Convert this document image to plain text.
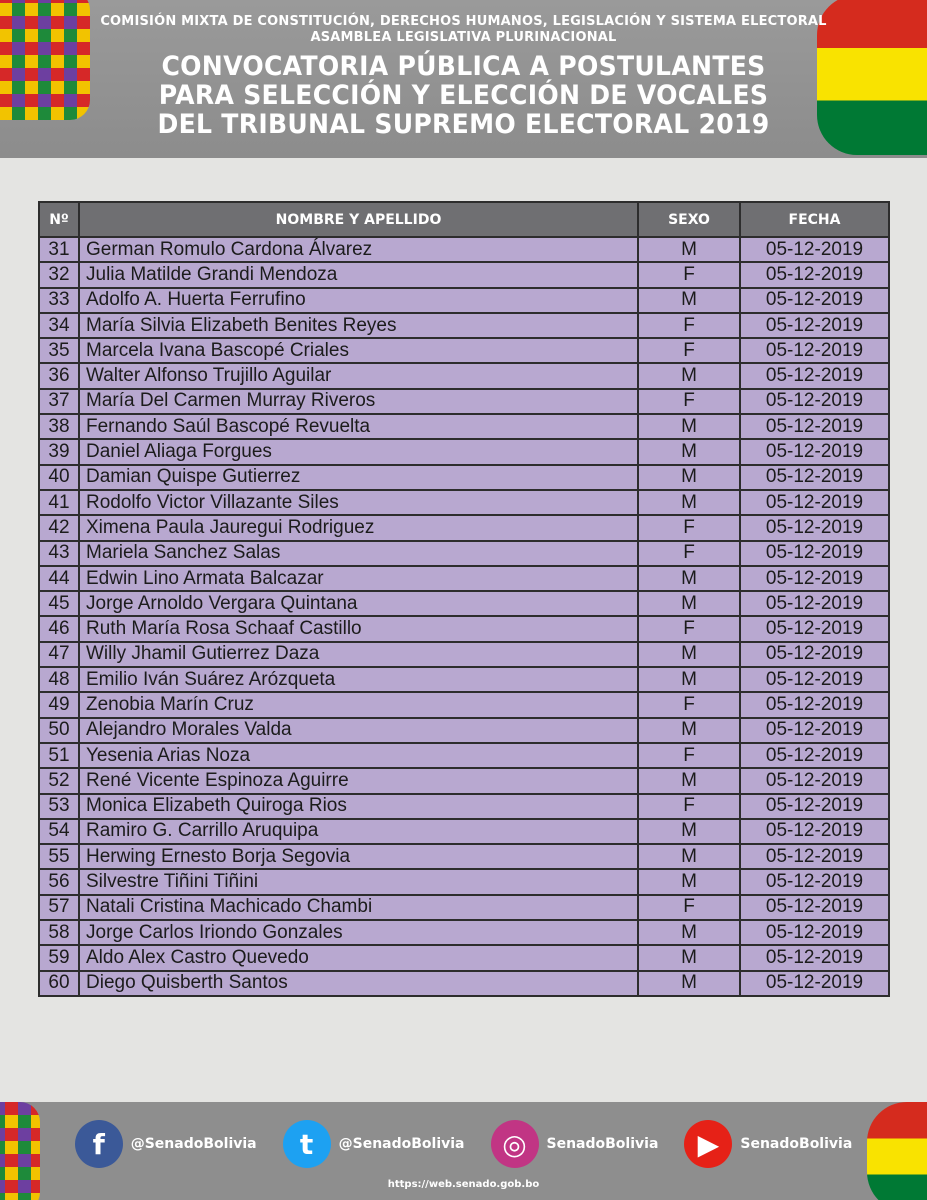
COMISIÓN MIXTA DE CONSTITUCIÓN, DERECHOS HUMANOS, LEGISLACIÓN Y SISTEMA ELECTORAL
ASAMBLEA LEGISLATIVA PLURINACIONAL
CONVOCATORIA PÚBLICA A POSTULANTES
PARA SELECCIÓN Y ELECCIÓN DE VOCALES
DEL TRIBUNAL SUPREMO ELECTORAL 2019
Nº	NOMBRE Y APELLIDO	SEXO	FECHA
31	German Romulo Cardona Álvarez	M	05-12-2019
32	Julia Matilde Grandi Mendoza	F	05-12-2019
33	Adolfo A. Huerta Ferrufino	M	05-12-2019
34	María Silvia Elizabeth Benites Reyes	F	05-12-2019
35	Marcela Ivana Bascopé Criales	F	05-12-2019
36	Walter Alfonso Trujillo Aguilar	M	05-12-2019
37	María Del Carmen Murray Riveros	F	05-12-2019
38	Fernando Saúl Bascopé Revuelta	M	05-12-2019
39	Daniel Aliaga Forgues	M	05-12-2019
40	Damian Quispe Gutierrez	M	05-12-2019
41	Rodolfo Victor Villazante Siles	M	05-12-2019
42	Ximena Paula Jauregui Rodriguez	F	05-12-2019
43	Mariela Sanchez Salas	F	05-12-2019
44	Edwin Lino Armata Balcazar	M	05-12-2019
45	Jorge Arnoldo Vergara Quintana	M	05-12-2019
46	Ruth María Rosa Schaaf Castillo	F	05-12-2019
47	Willy Jhamil Gutierrez Daza	M	05-12-2019
48	Emilio Iván Suárez Arózqueta	M	05-12-2019
49	Zenobia Marín Cruz	F	05-12-2019
50	Alejandro Morales Valda	M	05-12-2019
51	Yesenia Arias Noza	F	05-12-2019
52	René Vicente Espinoza Aguirre	M	05-12-2019
53	Monica Elizabeth Quiroga Rios	F	05-12-2019
54	Ramiro G. Carrillo Aruquipa	M	05-12-2019
55	Herwing Ernesto Borja Segovia	M	05-12-2019
56	Silvestre Tiñini Tiñini	M	05-12-2019
57	Natali Cristina Machicado Chambi	F	05-12-2019
58	Jorge Carlos Iriondo Gonzales	M	05-12-2019
59	Aldo Alex Castro Quevedo	M	05-12-2019
60	Diego Quisberth Santos	M	05-12-2019
f	@SenadoBolivia	t	@SenadoBolivia	◎	SenadoBolivia	▶	SenadoBolivia
https://web.senado.gob.bo
